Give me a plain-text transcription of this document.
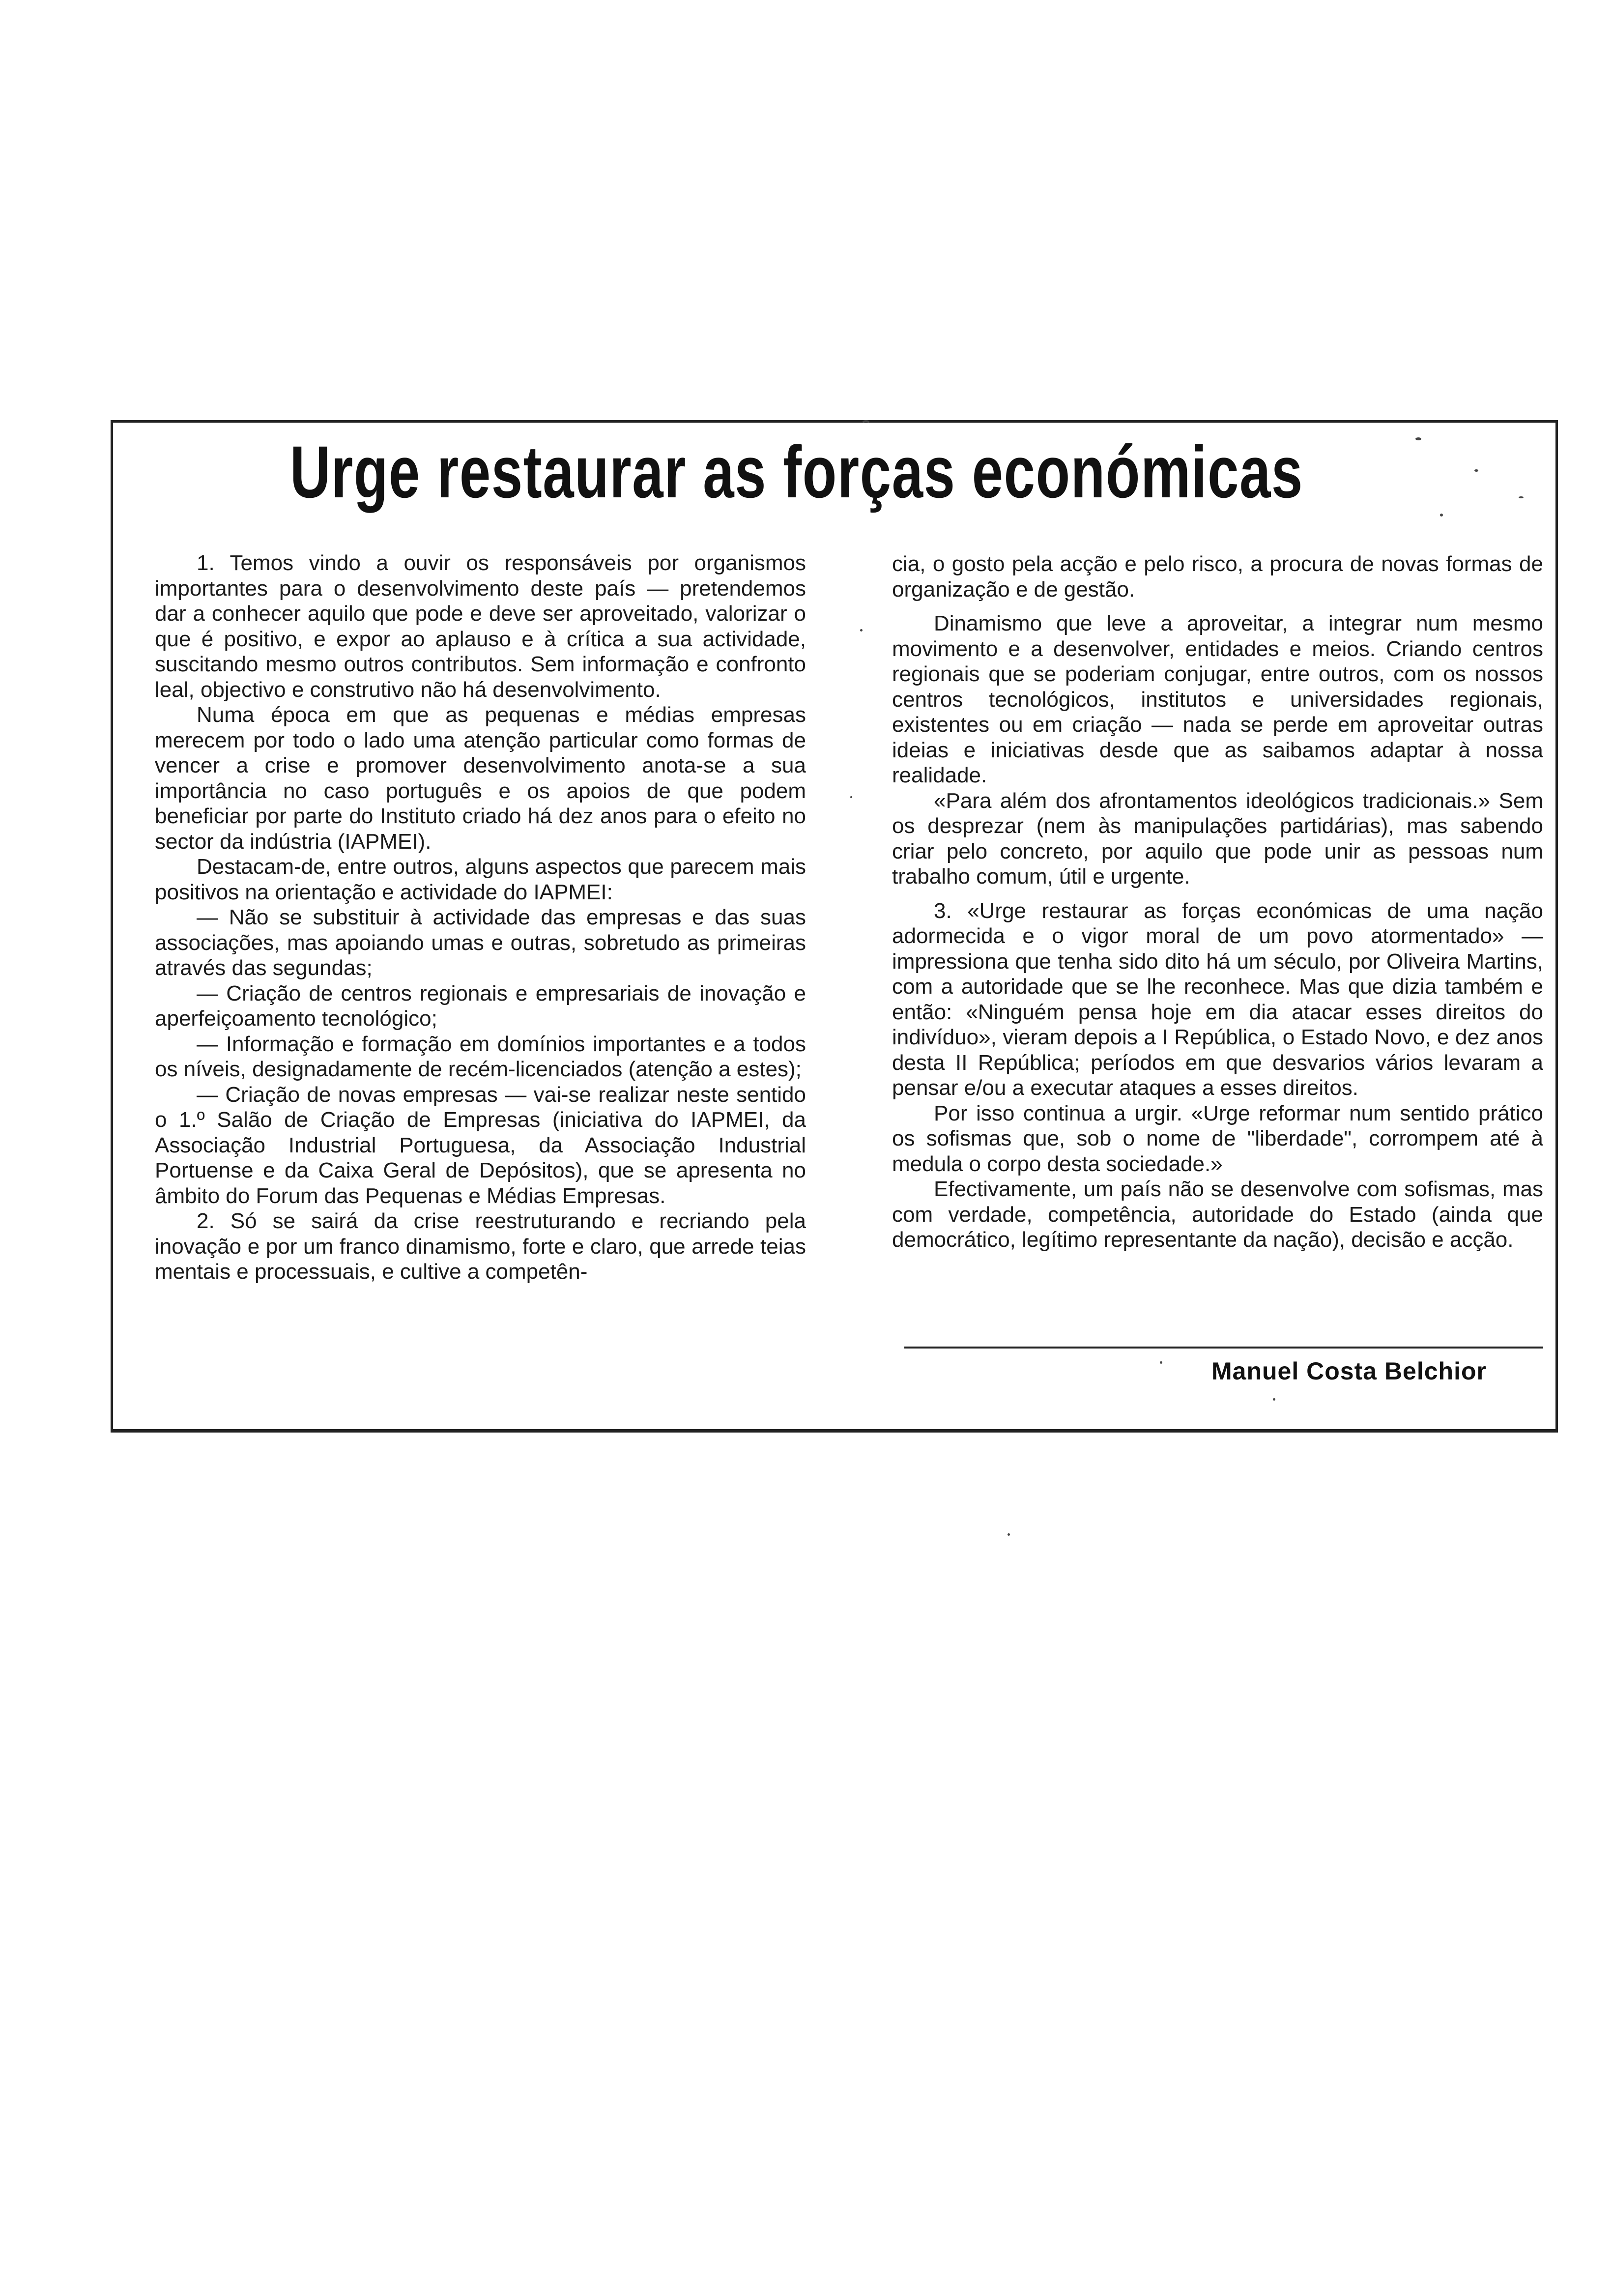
Urge restaurar as forças económicas

1. Temos vindo a ouvir os responsáveis por organismos importantes para o desenvolvimento deste país — pretendemos dar a conhecer aquilo que pode e deve ser aproveitado, valorizar o que é positivo, e expor ao aplauso e à crítica a sua actividade, suscitando mesmo outros contributos. Sem informação e confronto leal, objectivo e construtivo não há desenvolvimento.

Numa época em que as pequenas e médias empresas merecem por todo o lado uma atenção particular como formas de vencer a crise e promover desenvolvimento anota-se a sua importância no caso português e os apoios de que podem beneficiar por parte do Instituto criado há dez anos para o efeito no sector da indústria (IAPMEI).

Destacam-de, entre outros, alguns aspectos que parecem mais positivos na orientação e actividade do IAPMEI:

— Não se substituir à actividade das empresas e das suas associações, mas apoiando umas e outras, sobretudo as primeiras através das segundas;

— Criação de centros regionais e empresariais de inovação e aperfeiçoamento tecnológico;

— Informação e formação em domínios importantes e a todos os níveis, designadamente de recém-licenciados (atenção a estes);

— Criação de novas empresas — vai-se realizar neste sentido o 1.º Salão de Criação de Empresas (iniciativa do IAPMEI, da Associação Industrial Portuguesa, da Associação Industrial Portuense e da Caixa Geral de Depósitos), que se apresenta no âmbito do Forum das Pequenas e Médias Empresas.

2. Só se sairá da crise reestruturando e recriando pela inovação e por um franco dinamismo, forte e claro, que arrede teias mentais e processuais, e cultive a competên-

cia, o gosto pela acção e pelo risco, a procura de novas formas de organização e de gestão.

Dinamismo que leve a aproveitar, a integrar num mesmo movimento e a desenvolver, entidades e meios. Criando centros regionais que se poderiam conjugar, entre outros, com os nossos centros tecnológicos, institutos e universidades regionais, existentes ou em criação — nada se perde em aproveitar outras ideias e iniciativas desde que as saibamos adaptar à nossa realidade.

«Para além dos afrontamentos ideológicos tradicionais.» Sem os desprezar (nem às manipulações partidárias), mas sabendo criar pelo concreto, por aquilo que pode unir as pessoas num trabalho comum, útil e urgente.

3. «Urge restaurar as forças económicas de uma nação adormecida e o vigor moral de um povo atormentado» — impressiona que tenha sido dito há um século, por Oliveira Martins, com a autoridade que se lhe reconhece. Mas que dizia também e então: «Ninguém pensa hoje em dia atacar esses direitos do indivíduo», vieram depois a I República, o Estado Novo, e dez anos desta II República; períodos em que desvarios vários levaram a pensar e/ou a executar ataques a esses direitos.

Por isso continua a urgir. «Urge reformar num sentido prático os sofismas que, sob o nome de "liberdade", corrompem até à medula o corpo desta sociedade.»

Efectivamente, um país não se desenvolve com sofismas, mas com verdade, competência, autoridade do Estado (ainda que democrático, legítimo representante da nação), decisão e acção.

Manuel Costa Belchior
